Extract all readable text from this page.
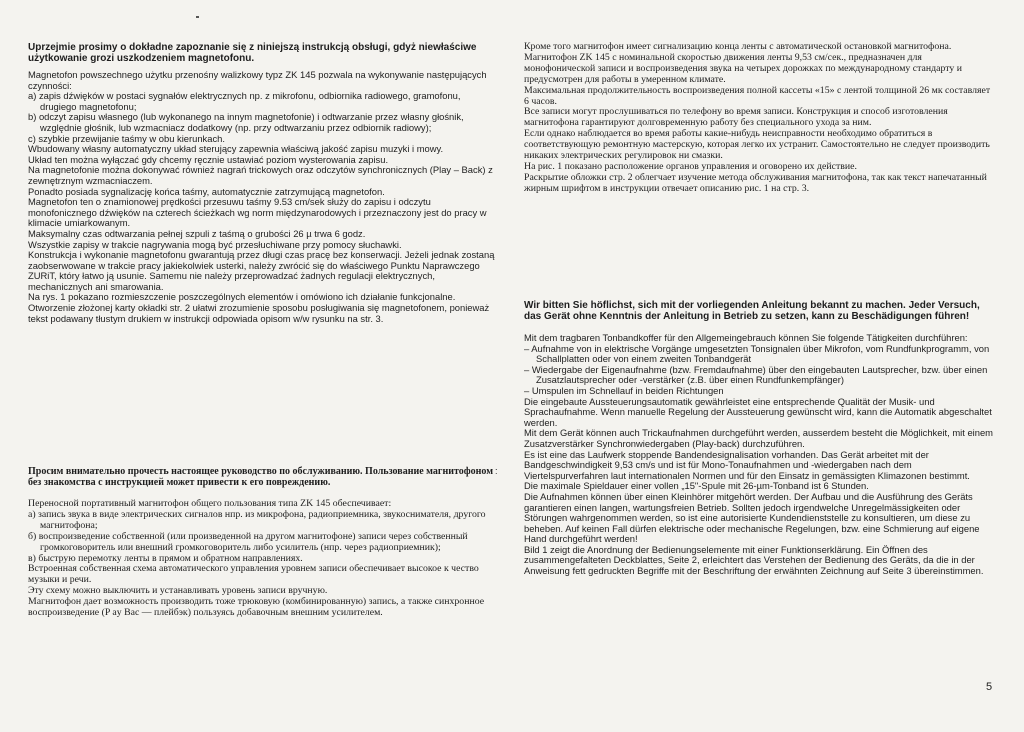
Uprzejmie prosimy o dokładne zapoznanie się z niniejszą instrukcją obsługi, gdyż niewłaściwe użytkowanie grozi uszkodzeniem magnetofonu.

Magnetofon powszechnego użytku przenośny walizkowy typz ZK 145 pozwala na wykonywanie następujących czynności:

a) zapis dźwięków w postaci sygnałów elektrycznych np. z mikrofonu, odbiornika radiowego, gramofonu, drugiego magnetofonu;

b) odczyt zapisu własnego (lub wykonanego na innym magnetofonie) i odtwarzanie przez własny głośnik, względnie głośnik, lub wzmacniacz dodatkowy (np. przy odtwarzaniu przez odbiornik radiowy);

c) szybkie przewijanie taśmy w obu kierunkach.

Wbudowany własny automatyczny układ sterujący zapewnia właściwą jakość zapisu muzyki i mowy.

Układ ten można wyłączać gdy chcemy ręcznie ustawiać poziom wysterowania zapisu.

Na magnetofonie można dokonywać również nagrań trickowych oraz odczytów synchronicznych (Play – Back) z zewnętrznym wzmacniaczem.

Ponadto posiada sygnalizację końca taśmy, automatycznie zatrzymującą magnetofon.

Magnetofon ten o znamionowej prędkości przesuwu taśmy 9.53 cm/sek służy do zapisu i odczytu monofonicznego dźwięków na czterech ścieżkach wg norm międzynarodowych i przeznaczony jest do pracy w klimacie umiarkowanym.

Maksymalny czas odtwarzania pełnej szpuli z taśmą o grubości 26 µ trwa 6 godz.

Wszystkie zapisy w trakcie nagrywania mogą być przesłuchiwane przy pomocy słuchawki.

Konstrukcja i wykonanie magnetofonu gwarantują przez długi czas pracę bez konserwacji. Jeżeli jednak zostaną zaobserwowane w trakcie pracy jakiekolwiek usterki, należy zwrócić się do właściwego Punktu Naprawczego ZURiT, który łatwo ją usunie. Samemu nie należy przeprowadzać żadnych regulacji elektrycznych, mechanicznych ani smarowania.

Na rys. 1 pokazano rozmieszczenie poszczególnych elementów i omówiono ich działanie funkcjonalne.

Otworzenie złożonej karty okładki str. 2 ułatwi zrozumienie sposobu posługiwania się magnetofonem, ponieważ tekst podawany tłustym drukiem w instrukcji odpowiada opisom w/w rysunku na str. 3.

:

Просим внимательно прочесть настоящее руководство по обслуживанию. Пользование магнитофоном без знакомства с инструкцией может привести к его повреждению.

Переносной портативный магнитофон общего пользования типа ZK 145 обеспечивает:

а) запись звука в виде электрических сигналов нпр. из микрофона, радиоприемника, звукоснимателя, другого магнитофона;

б) воспроизведение собственной (или произведенной на другом магнитофоне) записи через собственный громкоговоритель или внешний громкоговоритель либо усилитель (нпр. через радиоприемник);

в) быструю перемотку ленты в прямом и обратном направлениях.

Встроенная собственная схема автоматического управления уровнем записи обеспечивает высокое к чество музыки и речи.

Эту схему можно выключить и устанавливать уровень записи вручную.

Магнитофон дает возможность производить тоже трюковую (комбинированную) запись, а также синхронное воспроизведение (P ay Bac — плейбэк) пользуясь добавочным внешним усилителем.

Кроме того магнитофон имеет сигнализацию конца ленты с автоматической остановкой магнитофона.

Магнитофон ZK 145 с номинальной скоростью движения ленты 9,53 см/сек., предназначен для монофонической записи и воспроизведения звука на четырех дорожках по международному стандарту и предусмотрен для работы в умеренном климате.

Максимальная продолжительность воспроизведения полной кассеты «15» с лентой толщиной 26 мк составляет 6 часов.

Все записи могут прослушиваться по телефону во время записи. Конструкция и способ изготовления магнитофона гарантируют долговременную работу без специального ухода за ним.

Если однако наблюдается во время работы какие-нибудь неисправности необходимо обратиться в соответствующую ремонтную мастерскую, которая легко их устранит. Самостоятельно не следует производить никаких электрических регулировок ни смазки.

На рис. 1 показано расположение органов управления и оговорено их действие.

Раскрытие обложки стр. 2 облегчает изучение метода обслуживания магнитофона, так как текст напечатанный жирным шрифтом в инструкции отвечает описанию рис. 1 на стр. 3.

Wir bitten Sie höflichst, sich mit der vorliegenden Anleitung bekannt zu machen. Jeder Versuch, das Gerät ohne Kenntnis der Anleitung in Betrieb zu setzen, kann zu Beschädigungen führen!

Mit dem tragbaren Tonbandkoffer für den Allgemeingebrauch können Sie folgende Tätigkeiten durchführen:

– Aufnahme von in elektrische Vorgänge umgesetzten Tonsignalen über Mikrofon, vom Rundfunkprogramm, von Schallplatten oder von einem zweiten Tonbandgerät

– Wiedergabe der Eigenaufnahme (bzw. Fremdaufnahme) über den eingebauten Lautsprecher, bzw. über einen Zusatzlautsprecher oder -verstärker (z.B. über einen Rundfunkempfänger)

– Umspulen im Schnellauf in beiden Richtungen

Die eingebaute Aussteuerungsautomatik gewährleistet eine entsprechende Qualität der Musik- und Sprachaufnahme. Wenn manuelle Regelung der Aussteuerung gewünscht wird, kann die Automatik abgeschaltet werden.

Mit dem Gerät können auch Trickaufnahmen durchgeführt werden, ausserdem besteht die Möglichkeit, mit einem Zusatzverstärker Synchronwiedergaben (Play-back) durchzuführen.

Es ist eine das Laufwerk stoppende Bandendesignalisation vorhanden. Das Gerät arbeitet mit der Bandgeschwindigkeit 9,53 cm/s und ist für Mono-Tonaufnahmen und -wiedergaben nach dem Viertelspurverfahren laut internationalen Normen und für den Einsatz in gemässigten Klimazonen bestimmt.

Die maximale Spieldauer einer vollen „15"-Spule mit 26-µm-Tonband ist 6 Stunden.

Die Aufnahmen können über einen Kleinhörer mitgehört werden. Der Aufbau und die Ausführung des Geräts garantieren einen langen, wartungsfreien Betrieb. Sollten jedoch irgendwelche Unregelmässigkeiten oder Störungen wahrgenommen werden, so ist eine autorisierte Kundendienststelle zu konsultieren, um diese zu beheben. Auf keinen Fall dürfen elektrische oder mechanische Regelungen, bzw. eine Schmierung auf eigene Hand durchgeführt werden!

Bild 1 zeigt die Anordnung der Bedienungselemente mit einer Funktionserklärung. Ein Öffnen des zusammengefalteten Deckblattes, Seite 2, erleichtert das Verstehen der Bedienung des Geräts, da die in der Anweisung fett gedruckten Begriffe mit der Beschriftung der erwähnten Zeichnung auf Seite 3 übereinstimmen.

5
